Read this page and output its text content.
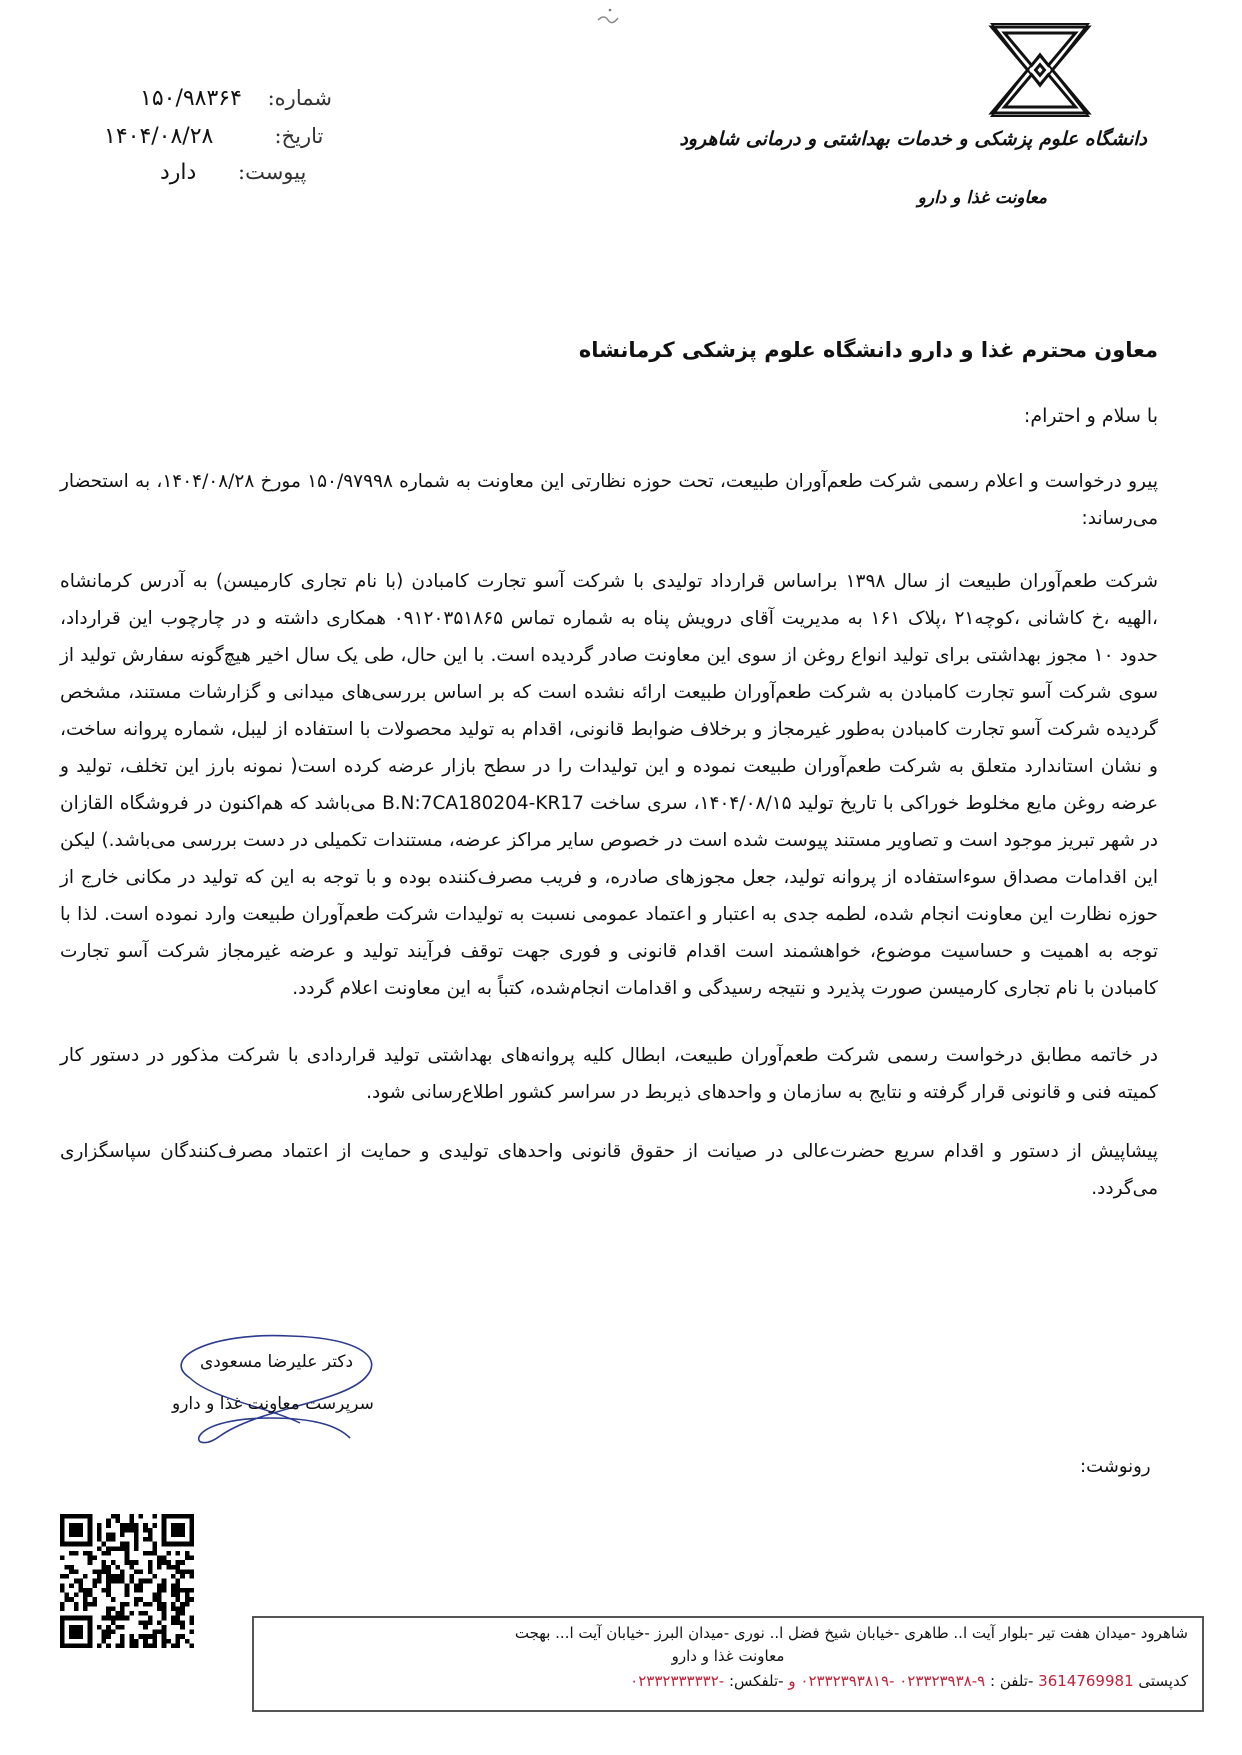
شماره:
۱۵۰/۹۸۳۶۴
تاریخ:
۱۴۰۴/۰۸/۲۸
پیوست:
دارد
دانشگاه علوم پزشکی و خدمات بهداشتی و درمانی شاهرود
معاونت غذا و دارو
معاون محترم غذا و دارو دانشگاه علوم پزشکی کرمانشاه
با سلام و احترام:
پیرو درخواست و اعلام رسمی شرکت طعم‌آوران طبیعت، تحت حوزه نظارتی این معاونت به شماره ۱۵۰/۹۷۹۹۸ مورخ ۱۴۰۴/۰۸/۲۸، به استحضار می‌رساند:
شرکت طعم‌آوران طبیعت از سال ۱۳۹۸ براساس قرارداد تولیدی با شرکت آسو تجارت کامبادن (با نام تجاری کارمیسن) به آدرس کرمانشاه ،الهیه ،خ کاشانی ،کوچه۲۱ ،پلاک ۱۶۱ به مدیریت آقای درویش پناه به شماره تماس ۰۹۱۲۰۳۵۱۸۶۵ همکاری داشته و در چارچوب این قرارداد، حدود ۱۰ مجوز بهداشتی برای تولید انواع روغن از سوی این معاونت صادر گردیده است. با این حال، طی یک سال اخیر هیچ‌گونه سفارش تولید از سوی شرکت آسو تجارت کامبادن به شرکت طعم‌آوران طبیعت ارائه نشده است که بر اساس بررسی‌های میدانی و گزارشات مستند، مشخص گردیده شرکت آسو تجارت کامبادن به‌طور غیرمجاز و برخلاف ضوابط قانونی، اقدام به تولید محصولات با استفاده از لیبل، شماره پروانه ساخت، و نشان استاندارد متعلق به شرکت طعم‌آوران طبیعت نموده و این تولیدات را در سطح بازار عرضه کرده است( نمونه بارز این تخلف، تولید و عرضه روغن مایع مخلوط خوراکی با تاریخ تولید ۱۴۰۴/۰۸/۱۵، سری ساخت B.N:7CA180204-KR17 می‌باشد که هم‌اکنون در فروشگاه القازان در شهر تبریز موجود است و تصاویر مستند پیوست شده است در خصوص سایر مراکز عرضه، مستندات تکمیلی در دست بررسی می‌باشد.) لیکن این اقدامات مصداق سوءاستفاده از پروانه تولید، جعل مجوزهای صادره، و فریب مصرف‌کننده بوده و با توجه به این که تولید در مکانی خارج از حوزه نظارت این معاونت انجام شده، لطمه جدی به اعتبار و اعتماد عمومی نسبت به تولیدات شرکت طعم‌آوران طبیعت وارد نموده است. لذا با توجه به اهمیت و حساسیت موضوع، خواهشمند است اقدام قانونی و فوری جهت توقف فرآیند تولید و عرضه غیرمجاز شرکت آسو تجارت کامبادن با نام تجاری کارمیسن صورت پذیرد و نتیجه رسیدگی و اقدامات انجام‌شده، کتباً به این معاونت اعلام گردد.
در خاتمه مطابق درخواست رسمی شرکت طعم‌آوران طبیعت، ابطال کلیه پروانه‌های بهداشتی تولید قراردادی با شرکت مذکور در دستور کار کمیته فنی و قانونی قرار گرفته و نتایج به سازمان و واحدهای ذیربط در سراسر کشور اطلاع‌رسانی شود.
پیشاپیش از دستور و اقدام سریع حضرت‌عالی در صیانت از حقوق قانونی واحدهای تولیدی و حمایت از اعتماد مصرف‌کنندگان سپاسگزاری می‌گردد.
دکتر علیرضا مسعودی
سرپرست معاونت غذا و دارو
رونوشت:
شاهرود -میدان هفت تیر -بلوار آیت ا.. طاهری -خیابان شیخ فضل ا.. نوری -میدان البرز -خیابان آیت ا... بهجت
معاونت غذا و دارو
کدپستی 3614769981 -تلفن : ۹-۰۲۳۳۲۳۹۳۸ -۰۲۳۳۲۳۹۳۸۱۹ و -تلفکس: -۰۲۳۳۲۳۳۳۳۳۲
